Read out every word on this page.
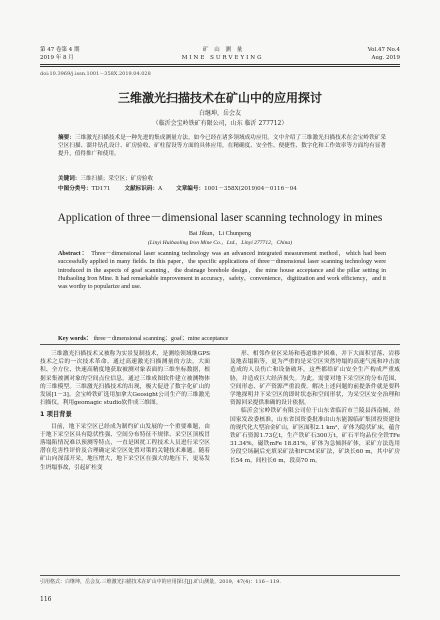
第 47 卷第 4 期	矿 山 测 量	Vol.47 No.4
2019 年 8 月	MINE SURVEYING	Aug. 2019
doi:10.3969/j.issn.1001－358X.2019.04.028
三维激光扫描技术在矿山中的应用探讨
白继坤，岳会友
（临沂会宝岭铁矿有限公司，山东 临沂 277712）
摘要：三维激光扫描技术是一种先进的集成测量方法，如今已经在诸多领域成功应用。文中介绍了三维激光扫描技术在会宝岭铁矿采空区扫描、溜井钻孔设计、矿房验收、矿柱留设等方面的具体应用，在精确度、安全性、便捷性、数字化和工作效率等方面均有显著提升，值得推广和使用。
关键词：三维扫描；采空区；矿房验收
中图分类号：TD171	文献标识码：A	文章编号：1001－358X(2019)04－0116－04
Application of three－dimensional laser scanning technology in mines
Bai Jikun，Li Chunpeng
(Linyi Huibaoling Iron Mine Co.，Ltd.，Linyi 277712，China)
Abstract： Three－dimensional laser scanning technology was an advanced integrated measurement method，which had been successfully applied in many fields. In this paper，the specific applications of three－dimensional laser scanning technology were introduced in the aspects of goaf scanning，the drainage borehole design，the mine house acceptance and the pillar setting in Huibaoling Iron Mine. It had remarkable improvement in accuracy，safety，convenience，digitization and work efficiency，and it was worthy to popularize and use.
Key words： three－dimensional scanning；goaf；mine acceptance

三维激光扫描技术又被称为实景复制技术，是测绘领域继GPS技术之后的一次技术革命。通过高速激光扫描测量的方法，大面积、全方位、快速高精度地获取被测对象表面的三维坐标数据，根据采集被测对象的空间点位信息，通过三维成图软件建立被测物体的三维模型。三维激光扫描技术的出现，极大促进了数字化矿山的发展[1－3]。会宝岭铁矿选用加拿大Geosight公司生产的三维激光扫描仪，利用geomagic studio软件成三维图。

1 项目背景

目前，地下采空区已经成为制约矿山发展的一个重要难题，由于地下采空区具有隐伏性强、空间分布特征不规律、采空区顶板冒落塌陷情况难以预测等特点，一直是困扰工程技术人员进行采空区潜在危害性评价及合理确定采空区处置对策的关键技术难题。随着矿山向深部开采，地压增大，地下采空区在强大的地压下，更易发生坍塌事故，引起矿柱变

形、相邻作业区采场和巷道维护困难，并下大面积冒落、岩移及地表塌陷等，更为严重的是采空区突然垮塌的高速气流和冲击波造成的人员伤亡和设备破坏，这些都给矿山安全生产构成严重威胁，并造成巨大经济损失。为此，需要对地下采空区的分布范围、空间形态、矿产资源严重浪费。解决上述问题的前提条件就是要科学地探明井下采空区的即时状态和空间形状，为采空区安全治理和资源回采提供准确的设计依据。

临沂会宝岭铁矿有限公司位于山东省临沂市兰陵县西南倾，经国家发改委核准，山东省国资委批准由山东能源临矿集团投资建设的现代化大型冶金矿山，矿区面积2.1 km²，矿体为隐伏矿床，蕴含铁矿石资源1.73亿t，生产铁矿石300万t，矿石平均品位全铁TFe 31.34%，磁铁mFe 18.81%，矿体为急倾斜矿体，采矿方法选用分段空场嗣后充填采矿法和FCM采矿法，矿块长60 m，其中矿房长54 m，间柱长6 m，段高70 m。

引用格式：白继坤，岳会友.三维激光扫描技术在矿山中的应用探讨[J].矿山测量，2019，47(4)：116－119.
116
